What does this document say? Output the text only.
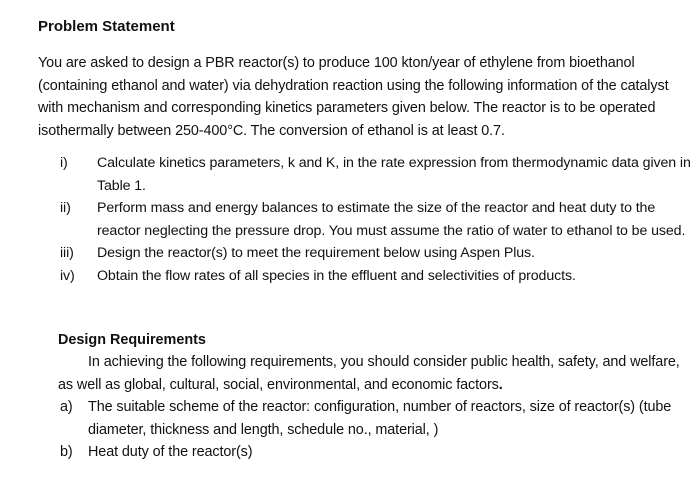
Problem Statement

You are asked to design a PBR reactor(s) to produce 100 kton/year of ethylene from bioethanol (containing ethanol and water) via dehydration reaction using the following information of the catalyst with mechanism and corresponding kinetics parameters given below. The reactor is to be operated isothermally between 250-400°C. The conversion of ethanol is at least 0.7.

i)	Calculate kinetics parameters, k and K, in the rate expression from thermodynamic data given in Table 1.
ii)	Perform mass and energy balances to estimate the size of the reactor and heat duty to the reactor neglecting the pressure drop. You must assume the ratio of water to ethanol to be used.
iii)	Design the reactor(s) to meet the requirement below using Aspen Plus.
iv)	Obtain the flow rates of all species in the effluent and selectivities of products.
Design Requirements

In achieving the following requirements, you should consider public health, safety, and welfare, as well as global, cultural, social, environmental, and economic factors.

a)	The suitable scheme of the reactor: configuration, number of reactors, size of reactor(s) (tube diameter, thickness and length, schedule no., material, )
b)	Heat duty of the reactor(s)
